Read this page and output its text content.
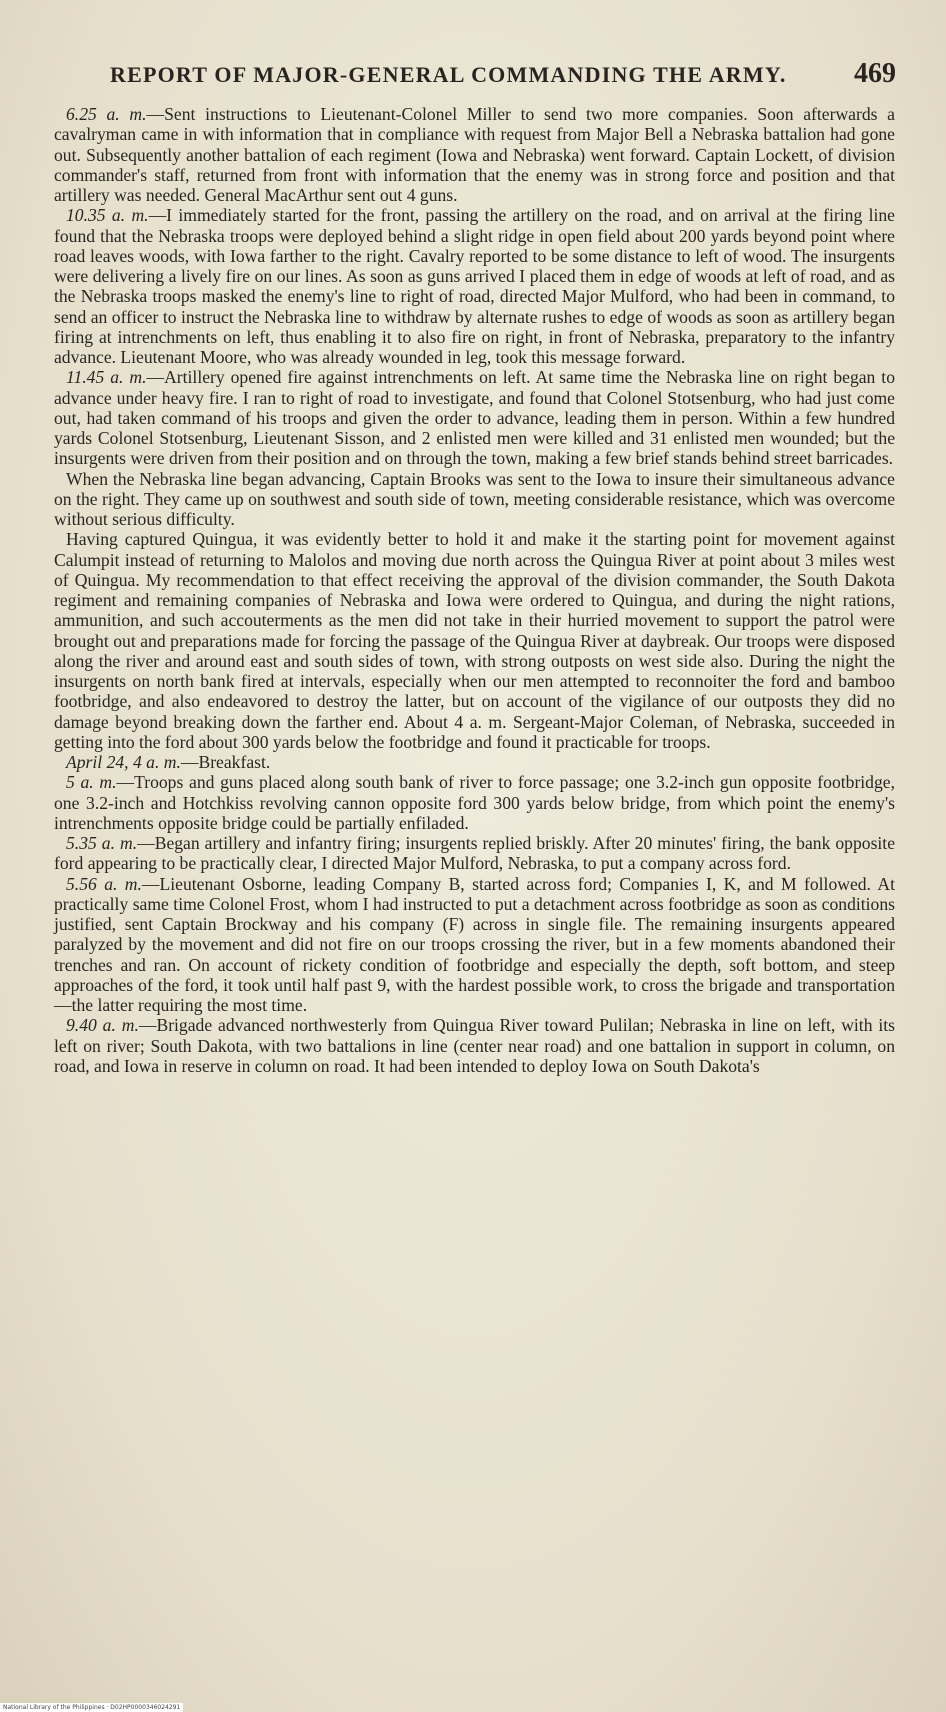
REPORT OF MAJOR-GENERAL COMMANDING THE ARMY. 469

6.25 a. m.—Sent instructions to Lieutenant-Colonel Miller to send two more companies. Soon afterwards a cavalryman came in with information that in compliance with request from Major Bell a Nebraska battalion had gone out. Subsequently another battalion of each regiment (Iowa and Nebraska) went forward. Captain Lockett, of division commander's staff, returned from front with information that the enemy was in strong force and position and that artillery was needed. General MacArthur sent out 4 guns.

10.35 a. m.—I immediately started for the front, passing the artillery on the road, and on arrival at the firing line found that the Nebraska troops were deployed behind a slight ridge in open field about 200 yards beyond point where road leaves woods, with Iowa farther to the right. Cavalry reported to be some distance to left of wood. The insurgents were delivering a lively fire on our lines. As soon as guns arrived I placed them in edge of woods at left of road, and as the Nebraska troops masked the enemy's line to right of road, directed Major Mulford, who had been in command, to send an officer to instruct the Nebraska line to withdraw by alternate rushes to edge of woods as soon as artillery began firing at intrenchments on left, thus enabling it to also fire on right, in front of Nebraska, preparatory to the infantry advance. Lieutenant Moore, who was already wounded in leg, took this message forward.

11.45 a. m.—Artillery opened fire against intrenchments on left. At same time the Nebraska line on right began to advance under heavy fire. I ran to right of road to investigate, and found that Colonel Stotsenburg, who had just come out, had taken command of his troops and given the order to advance, leading them in person. Within a few hundred yards Colonel Stotsenburg, Lieutenant Sisson, and 2 enlisted men were killed and 31 enlisted men wounded; but the insurgents were driven from their position and on through the town, making a few brief stands behind street barricades.

When the Nebraska line began advancing, Captain Brooks was sent to the Iowa to insure their simultaneous advance on the right. They came up on southwest and south side of town, meeting considerable resistance, which was overcome without serious difficulty.

Having captured Quingua, it was evidently better to hold it and make it the starting point for movement against Calumpit instead of returning to Malolos and moving due north across the Quingua River at point about 3 miles west of Quingua. My recommendation to that effect receiving the approval of the division commander, the South Dakota regiment and remaining companies of Nebraska and Iowa were ordered to Quingua, and during the night rations, ammunition, and such accouterments as the men did not take in their hurried movement to support the patrol were brought out and preparations made for forcing the passage of the Quingua River at daybreak. Our troops were disposed along the river and around east and south sides of town, with strong outposts on west side also. During the night the insurgents on north bank fired at intervals, especially when our men attempted to reconnoiter the ford and bamboo footbridge, and also endeavored to destroy the latter, but on account of the vigilance of our outposts they did no damage beyond breaking down the farther end. About 4 a. m. Sergeant-Major Coleman, of Nebraska, succeeded in getting into the ford about 300 yards below the footbridge and found it practicable for troops.

April 24, 4 a. m.—Breakfast.

5 a. m.—Troops and guns placed along south bank of river to force passage; one 3.2-inch gun opposite footbridge, one 3.2-inch and Hotchkiss revolving cannon opposite ford 300 yards below bridge, from which point the enemy's intrenchments opposite bridge could be partially enfiladed.

5.35 a. m.—Began artillery and infantry firing; insurgents replied briskly. After 20 minutes' firing, the bank opposite ford appearing to be practically clear, I directed Major Mulford, Nebraska, to put a company across ford.

5.56 a. m.—Lieutenant Osborne, leading Company B, started across ford; Companies I, K, and M followed. At practically same time Colonel Frost, whom I had instructed to put a detachment across footbridge as soon as conditions justified, sent Captain Brockway and his company (F) across in single file. The remaining insurgents appeared paralyzed by the movement and did not fire on our troops crossing the river, but in a few moments abandoned their trenches and ran. On account of rickety condition of footbridge and especially the depth, soft bottom, and steep approaches of the ford, it took until half past 9, with the hardest possible work, to cross the brigade and transportation—the latter requiring the most time.

9.40 a. m.—Brigade advanced northwesterly from Quingua River toward Pulilan; Nebraska in line on left, with its left on river; South Dakota, with two battalions in line (center near road) and one battalion in support in column, on road, and Iowa in reserve in column on road. It had been intended to deploy Iowa on South Dakota's

National Library of the Philippines · D02HP0000346024291
